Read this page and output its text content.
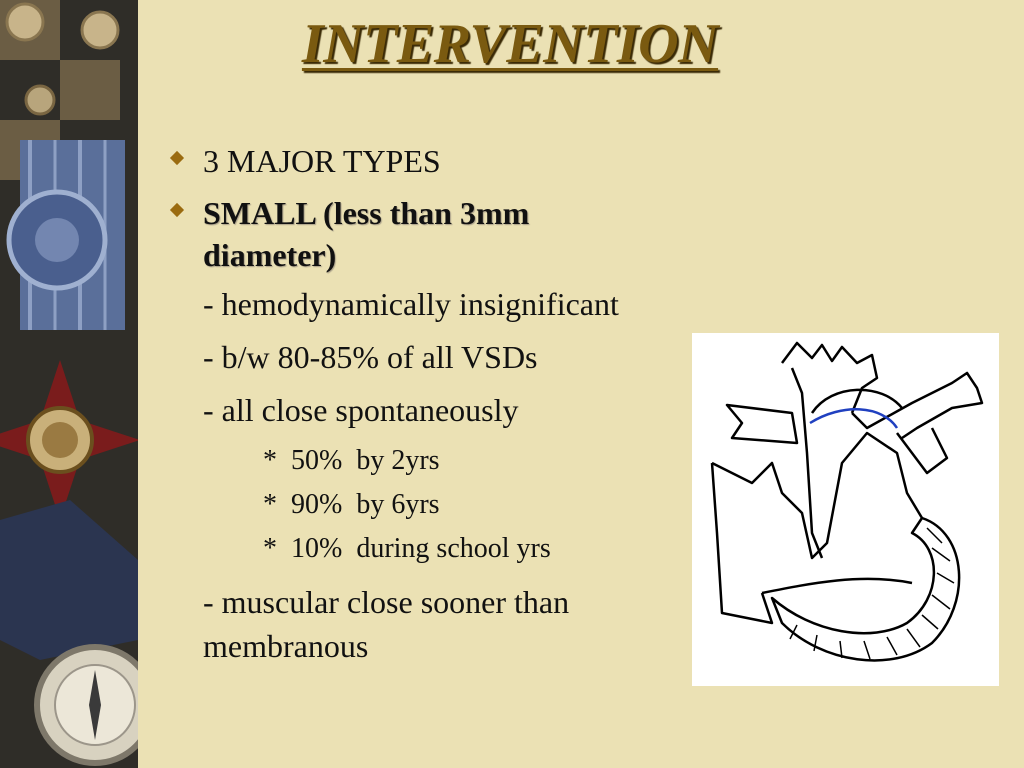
INTERVENTION
3 MAJOR TYPES
SMALL (less than 3mm diameter)
- hemodynamically insignificant
- b/w 80-85% of all VSDs
- all close spontaneously
*  50%  by 2yrs
*  90%  by 6yrs
*  10%  during school yrs
- muscular close sooner than membranous
